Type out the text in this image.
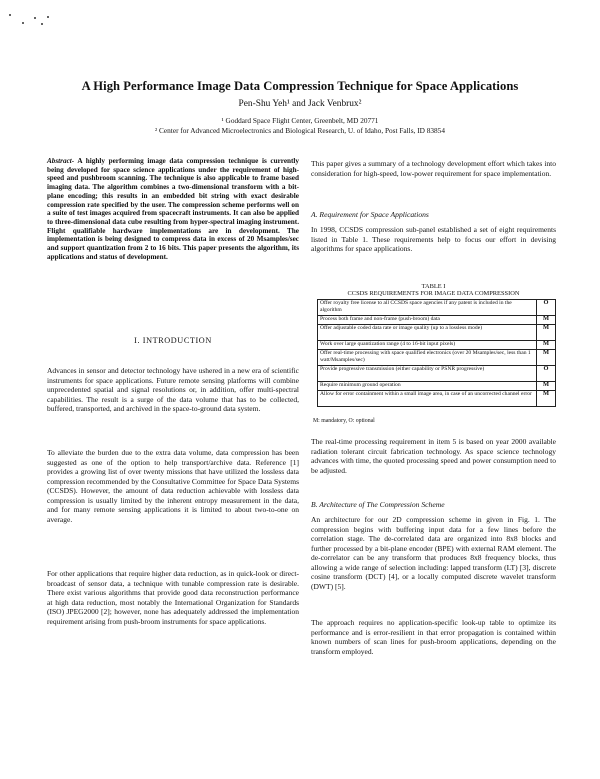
A High Performance Image Data Compression Technique for Space Applications
Pen-Shu Yeh¹ and Jack Venbrux²
¹ Goddard Space Flight Center, Greenbelt, MD 20771
² Center for Advanced Microelectronics and Biological Research, U. of Idaho, Post Falls, ID 83854

Abstract- A highly performing image data compression technique is currently being developed for space science applications under the requirement of high-speed and pushbroom scanning. The technique is also applicable to frame based imaging data. The algorithm combines a two-dimensional transform with a bit-plane encoding; this results in an embedded bit string with exact desirable compression rate specified by the user. The compression scheme performs well on a suite of test images acquired from spacecraft instruments. It can also be applied to three-dimensional data cube resulting from hyper-spectral imaging instrument. Flight qualifiable hardware implementations are in development. The implementation is being designed to compress data in excess of 20 Msamples/sec and support quantization from 2 to 16 bits. This paper presents the algorithm, its applications and status of development.

I. INTRODUCTION

Advances in sensor and detector technology have ushered in a new era of scientific instruments for space applications. Future remote sensing platforms will combine unprecedented spatial and signal resolutions or, in addition, offer multi-spectral capabilities. The result is a surge of the data volume that has to be collected, buffered, transported, and archived in the space-to-ground data system.

To alleviate the burden due to the extra data volume, data compression has been suggested as one of the option to help transport/archive data. Reference [1] provides a growing list of over twenty missions that have utilized the lossless data compression recommended by the Consultative Committee for Space Data Systems (CCSDS). However, the amount of data reduction achievable with lossless data compression is usually limited by the inherent entropy measurement in the data, and for many remote sensing applications it is limited to about two-to-one on average.

For other applications that require higher data reduction, as in quick-look or direct-broadcast of sensor data, a technique with tunable compression rate is desirable. There exist various algorithms that provide good data reconstruction performance at high data reduction, most notably the International Organization for Standards (ISO) JPEG2000 [2]; however, none has adequately addressed the implementation requirement arising from push-broom instruments for space applications.

This paper gives a summary of a technology development effort which takes into consideration for high-speed, low-power requirement for space implementation.

A. Requirement for Space Applications

In 1998, CCSDS compression sub-panel established a set of eight requirements listed in Table 1. These requirements help to focus our effort in devising algorithms for space applications.

TABLE I
CCSDS REQUIREMENTS FOR IMAGE DATA COMPRESSION
Offer royalty free license to all CCSDS space agencies if any patent is included in the algorithm	O
Process both frame and non-frame (push-broom) data	M
Offer adjustable coded data rate or image quality (up to a lossless mode)	M
Work over large quantization range (4 to 16-bit input pixels)	M
Offer real-time processing with space qualified electronics (over 20 Msamples/sec, less than 1 watt/Msamples/sec)	M
Provide progressive transmission (either capability or PSNR progressive)	O
Require minimum ground operation	M
Allow for error containment within a small image area, in case of an uncorrected channel error	M
M: mandatory, O: optional

The real-time processing requirement in item 5 is based on year 2000 available radiation tolerant circuit fabrication technology. As space science technology advances with time, the quoted processing speed and power consumption need to be adjusted.

B. Architecture of The Compression Scheme

An architecture for our 2D compression scheme in given in Fig. 1. The compression begins with buffering input data for a few lines before the correlation stage. The de-correlated data are organized into 8x8 blocks and further processed by a bit-plane encoder (BPE) with external RAM element. The de-correlator can be any transform that produces 8x8 frequency blocks, thus allowing a wide range of selection including: lapped transform (LT) [3], discrete cosine transform (DCT) [4], or a locally computed discrete wavelet transform (DWT) [5].

The approach requires no application-specific look-up table to optimize its performance and is error-resilient in that error propagation is contained within known numbers of scan lines for push-broom applications, depending on the transform employed.
